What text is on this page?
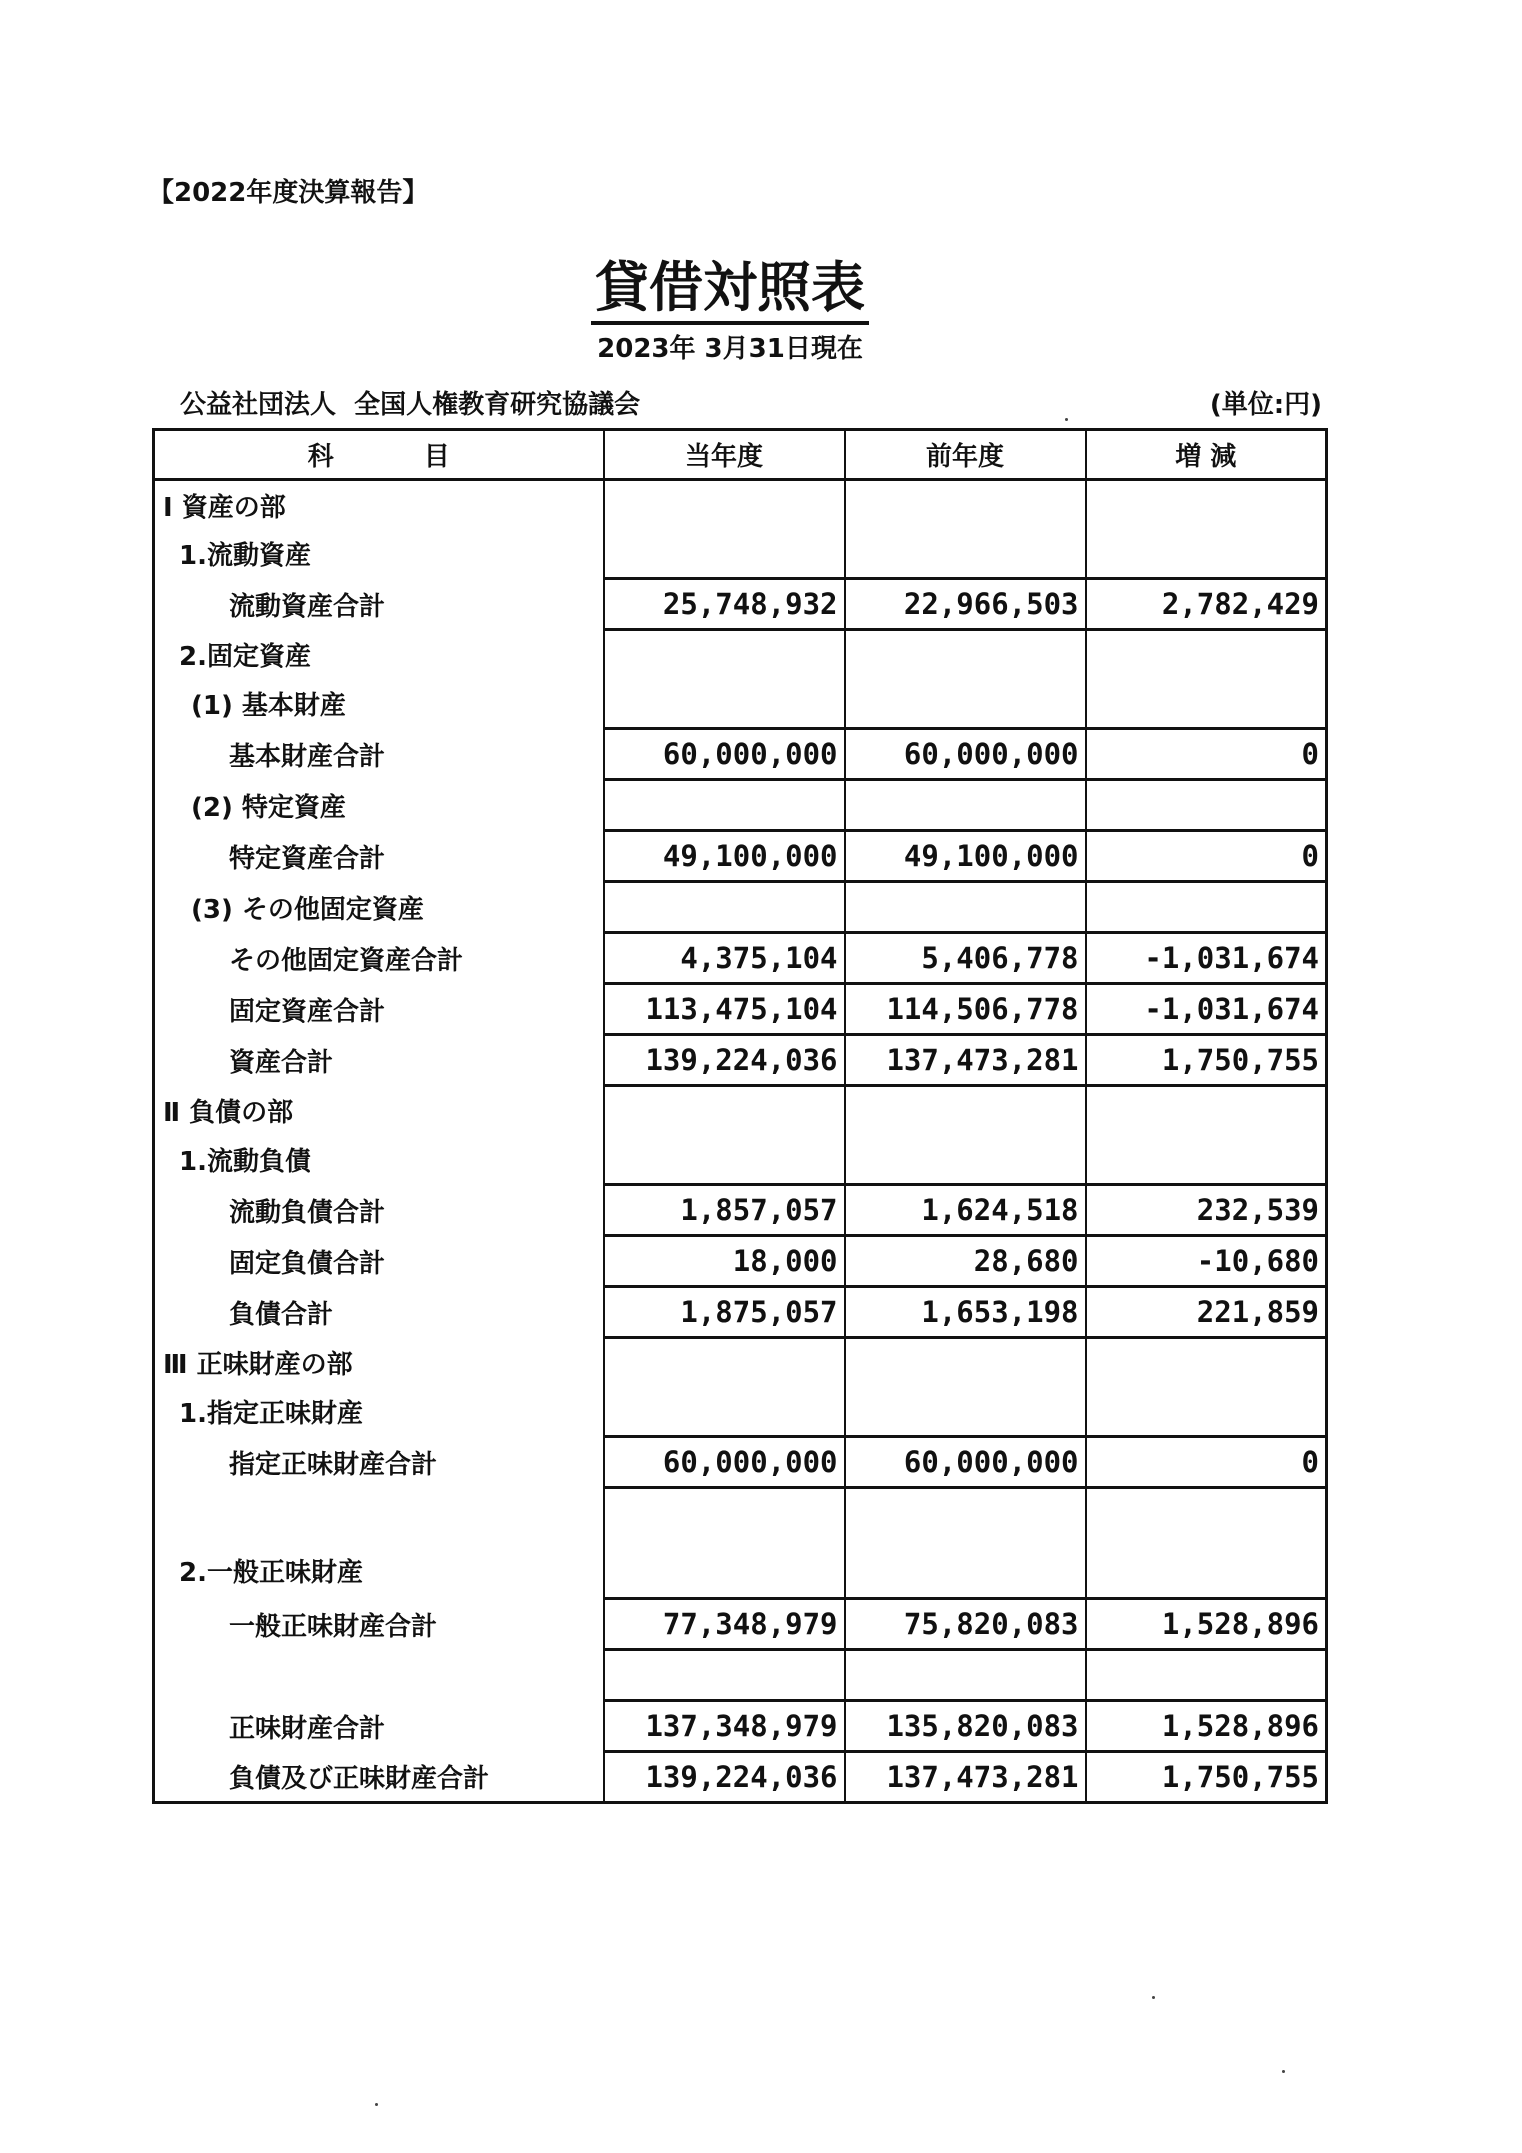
【2022年度決算報告】
貸借対照表
2023年 3月31日現在
公益社団法人  全国人権教育研究協議会	(単位:円)
科目	当年度	前年度	増 減
Ⅰ 資産の部			
1.流動資産			
流動資産合計	25,748,932	22,966,503	2,782,429
2.固定資産			
(1) 基本財産			
基本財産合計	60,000,000	60,000,000	0
(2) 特定資産			
特定資産合計	49,100,000	49,100,000	0
(3) その他固定資産			
その他固定資産合計	4,375,104	5,406,778	-1,031,674
固定資産合計	113,475,104	114,506,778	-1,031,674
資産合計	139,224,036	137,473,281	1,750,755
Ⅱ 負債の部			
1.流動負債			
流動負債合計	1,857,057	1,624,518	232,539
固定負債合計	18,000	28,680	-10,680
負債合計	1,875,057	1,653,198	221,859
Ⅲ 正味財産の部			
1.指定正味財産			
指定正味財産合計	60,000,000	60,000,000	0
2.一般正味財産			
一般正味財産合計	77,348,979	75,820,083	1,528,896

正味財産合計	137,348,979	135,820,083	1,528,896
負債及び正味財産合計	139,224,036	137,473,281	1,750,755
